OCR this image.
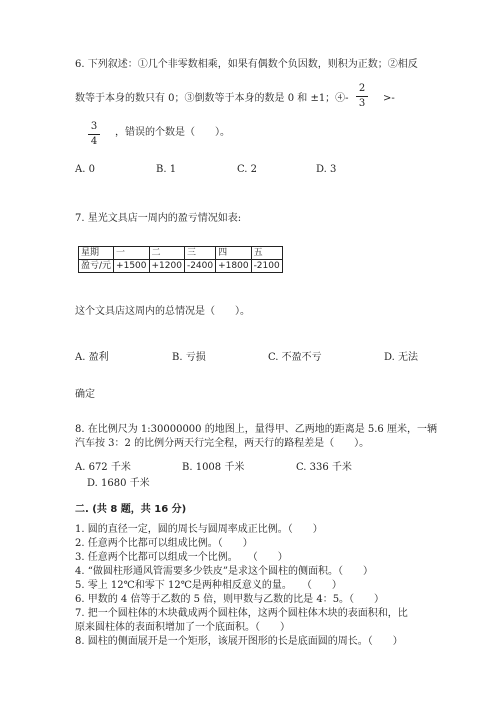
6. 下列叙述：①几个非零数相乘，如果有偶数个负因数，则积为正数；②相反
数等于本身的数只有 0；③倒数等于本身的数是 0 和 ±1；④-
2
3 >-
3
4
，错误的个数是（　　）。
A. 0	B. 1	C. 2	D. 3
7. 星光文具店一周内的盈亏情况如表:
星期	一	二	三	四	五
盈亏/元	+1500	+1200	-2400	+1800	-2100
这个文具店这周内的总情况是（　　）。
A. 盈利	B. 亏损	C. 不盈不亏	D. 无法
确定
8. 在比例尺为 1:30000000 的地图上，量得甲、乙两地的距离是 5.6 厘米，一辆
汽车按 3：2 的比例分两天行完全程，两天行的路程差是（　　）。
A. 672 千米	B. 1008 千米	C. 336 千米
D. 1680 千米
二. (共 8 题，共 16 分)
1. 圆的直径一定，圆的周长与圆周率成正比例。（　　）
2. 任意两个比都可以组成比例。（　　）
3. 任意两个比都可以组成一个比例。　　（　　）
4. “做圆柱形通风管需要多少铁皮”是求这个圆柱的侧面积。（　　）
5. 零上 12℃和零下 12℃是两种相反意义的量。　　（　　）
6. 甲数的 4 倍等于乙数的 5 倍，则甲数与乙数的比是 4：5。（　　）
7. 把一个圆柱体的木块截成两个圆柱体，这两个圆柱体木块的表面积和，比
原来圆柱体的表面积增加了一个底面积。（　　）
8. 圆柱的侧面展开是一个矩形，该展开图形的长是底面圆的周长。（　　）
